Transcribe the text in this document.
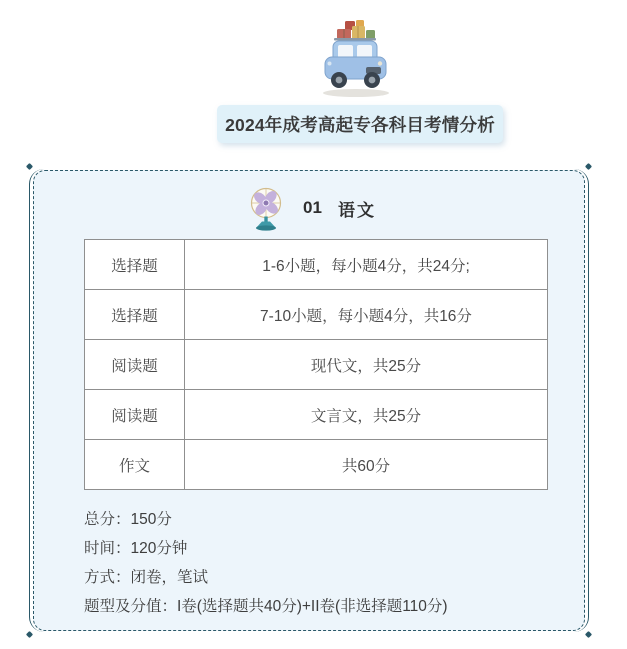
2024年成考高起专各科目考情分析
01 语文
选择题	1-6小题，每小题4分，共24分;
选择题	7-10小题，每小题4分，共16分
阅读题	现代文，共25分
阅读题	文言文，共25分
作文	共60分
总分：150分
时间：120分钟
方式：闭卷，笔试
题型及分值：I卷(选择题共40分)+II卷(非选择题110分)
